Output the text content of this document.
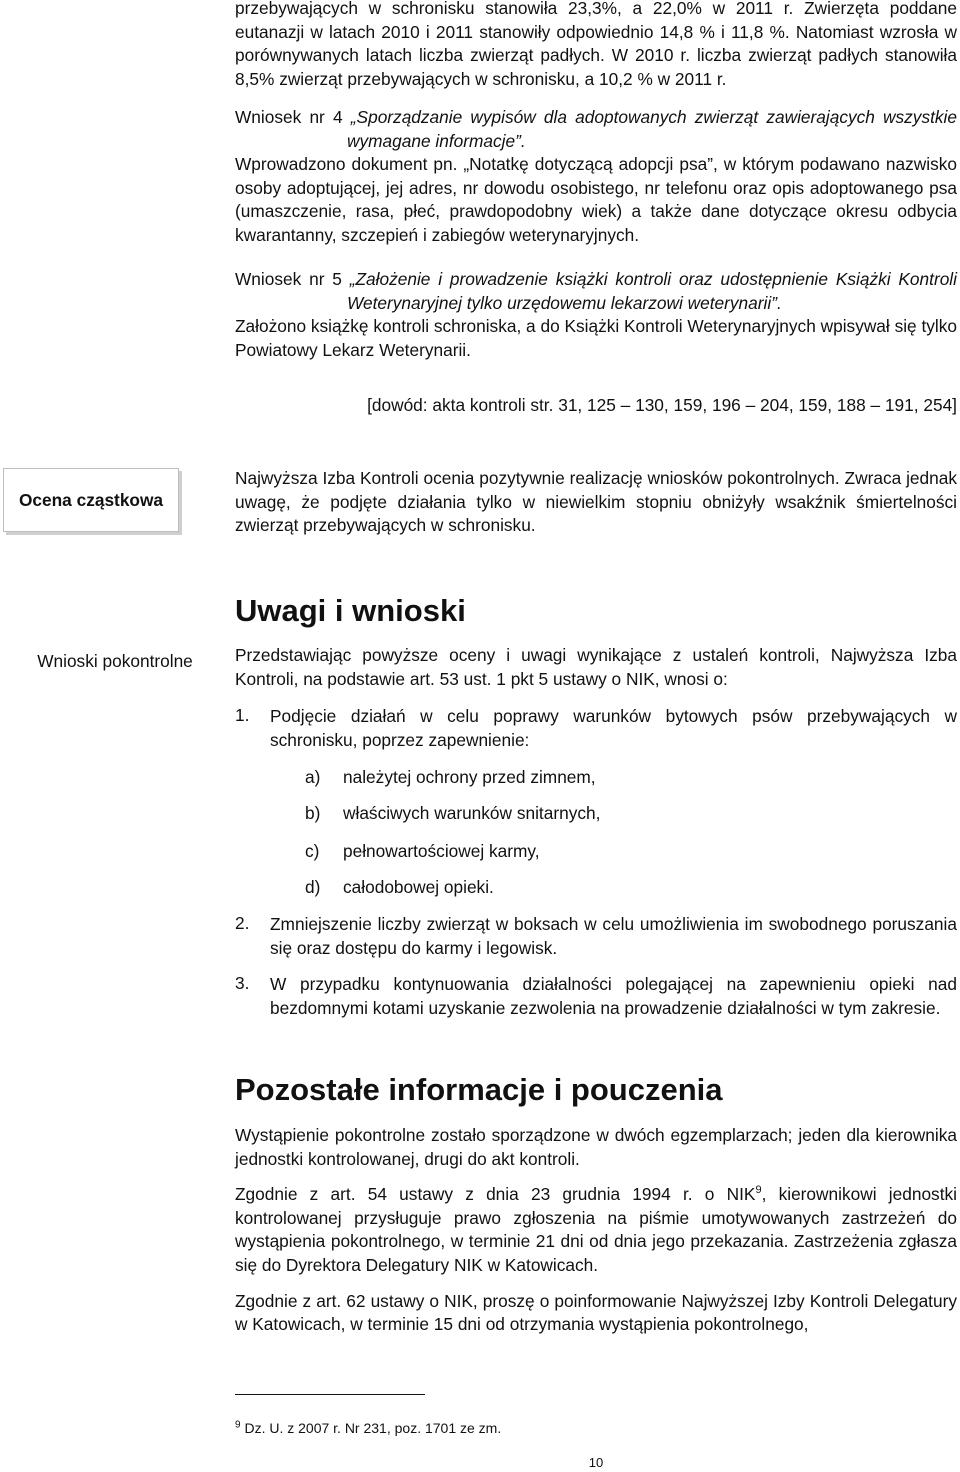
przebywających w schronisku stanowiła 23,3%, a 22,0% w 2011 r. Zwierzęta poddane eutanazji w latach 2010 i 2011 stanowiły odpowiednio 14,8 % i 11,8 %. Natomiast wzrosła w porównywanych latach liczba zwierząt padłych. W 2010 r. liczba zwierząt padłych stanowiła 8,5% zwierząt przebywających w schronisku, a 10,2 % w 2011 r.

Wniosek nr 4 „Sporządzanie wypisów dla adoptowanych zwierząt zawierających wszystkie wymagane informacje”.

Wprowadzono dokument pn. „Notatkę dotyczącą adopcji psa”, w którym podawano nazwisko osoby adoptującej, jej adres, nr dowodu osobistego, nr telefonu oraz opis adoptowanego psa (umaszczenie, rasa, płeć, prawdopodobny wiek) a także dane dotyczące okresu odbycia kwarantanny, szczepień i zabiegów weterynaryjnych.

Wniosek nr 5 „Założenie i prowadzenie książki kontroli oraz udostępnienie Książki Kontroli Weterynaryjnej tylko urzędowemu lekarzowi weterynarii”.

Założono książkę kontroli schroniska, a do Książki Kontroli Weterynaryjnych wpisywał się tylko Powiatowy Lekarz Weterynarii.

[dowód: akta kontroli str. 31, 125 – 130, 159, 196 – 204, 159, 188 – 191, 254]

Ocena cząstkowa

Najwyższa Izba Kontroli ocenia pozytywnie realizację wniosków pokontrolnych. Zwraca jednak uwagę, że podjęte działania tylko w niewielkim stopniu obniżyły wsakźnik śmiertelności zwierząt przebywających w schronisku.

Uwagi i wnioski
Wnioski pokontrolne	Przedstawiając powyższe oceny i uwagi wynikające z ustaleń kontroli, Najwyższa Izba Kontroli, na podstawie art. 53 ust. 1 pkt 5 ustawy o NIK, wnosi o:

1. Podjęcie działań w celu poprawy warunków bytowych psów przebywających w schronisku, poprzez zapewnienie:

a) należytej ochrony przed zimnem,
b) właściwych warunków snitarnych,
c) pełnowartościowej karmy,
d) całodobowej opieki.
2. Zmniejszenie liczby zwierząt w boksach w celu umożliwienia im swobodnego poruszania się oraz dostępu do karmy i legowisk.

3. W przypadku kontynuowania działalności polegającej na zapewnieniu opieki nad bezdomnymi kotami uzyskanie zezwolenia na prowadzenie działalności w tym zakresie.

Pozostałe informacje i pouczenia

Wystąpienie pokontrolne zostało sporządzone w dwóch egzemplarzach; jeden dla kierownika jednostki kontrolowanej, drugi do akt kontroli.

Zgodnie z art. 54 ustawy z dnia 23 grudnia 1994 r. o NIK$^9$, kierownikowi jednostki kontrolowanej przysługuje prawo zgłoszenia na piśmie umotywowanych zastrzeżeń do wystąpienia pokontrolnego, w terminie 21 dni od dnia jego przekazania. Zastrzeżenia zgłasza się do Dyrektora Delegatury NIK w Katowicach.

Zgodnie z art. 62 ustawy o NIK, proszę o poinformowanie Najwyższej Izby Kontroli Delegatury w Katowicach, w terminie 15 dni od otrzymania wystąpienia pokontrolnego,

$^9$ Dz. U. z 2007 r. Nr 231, poz. 1701 ze zm.
10
